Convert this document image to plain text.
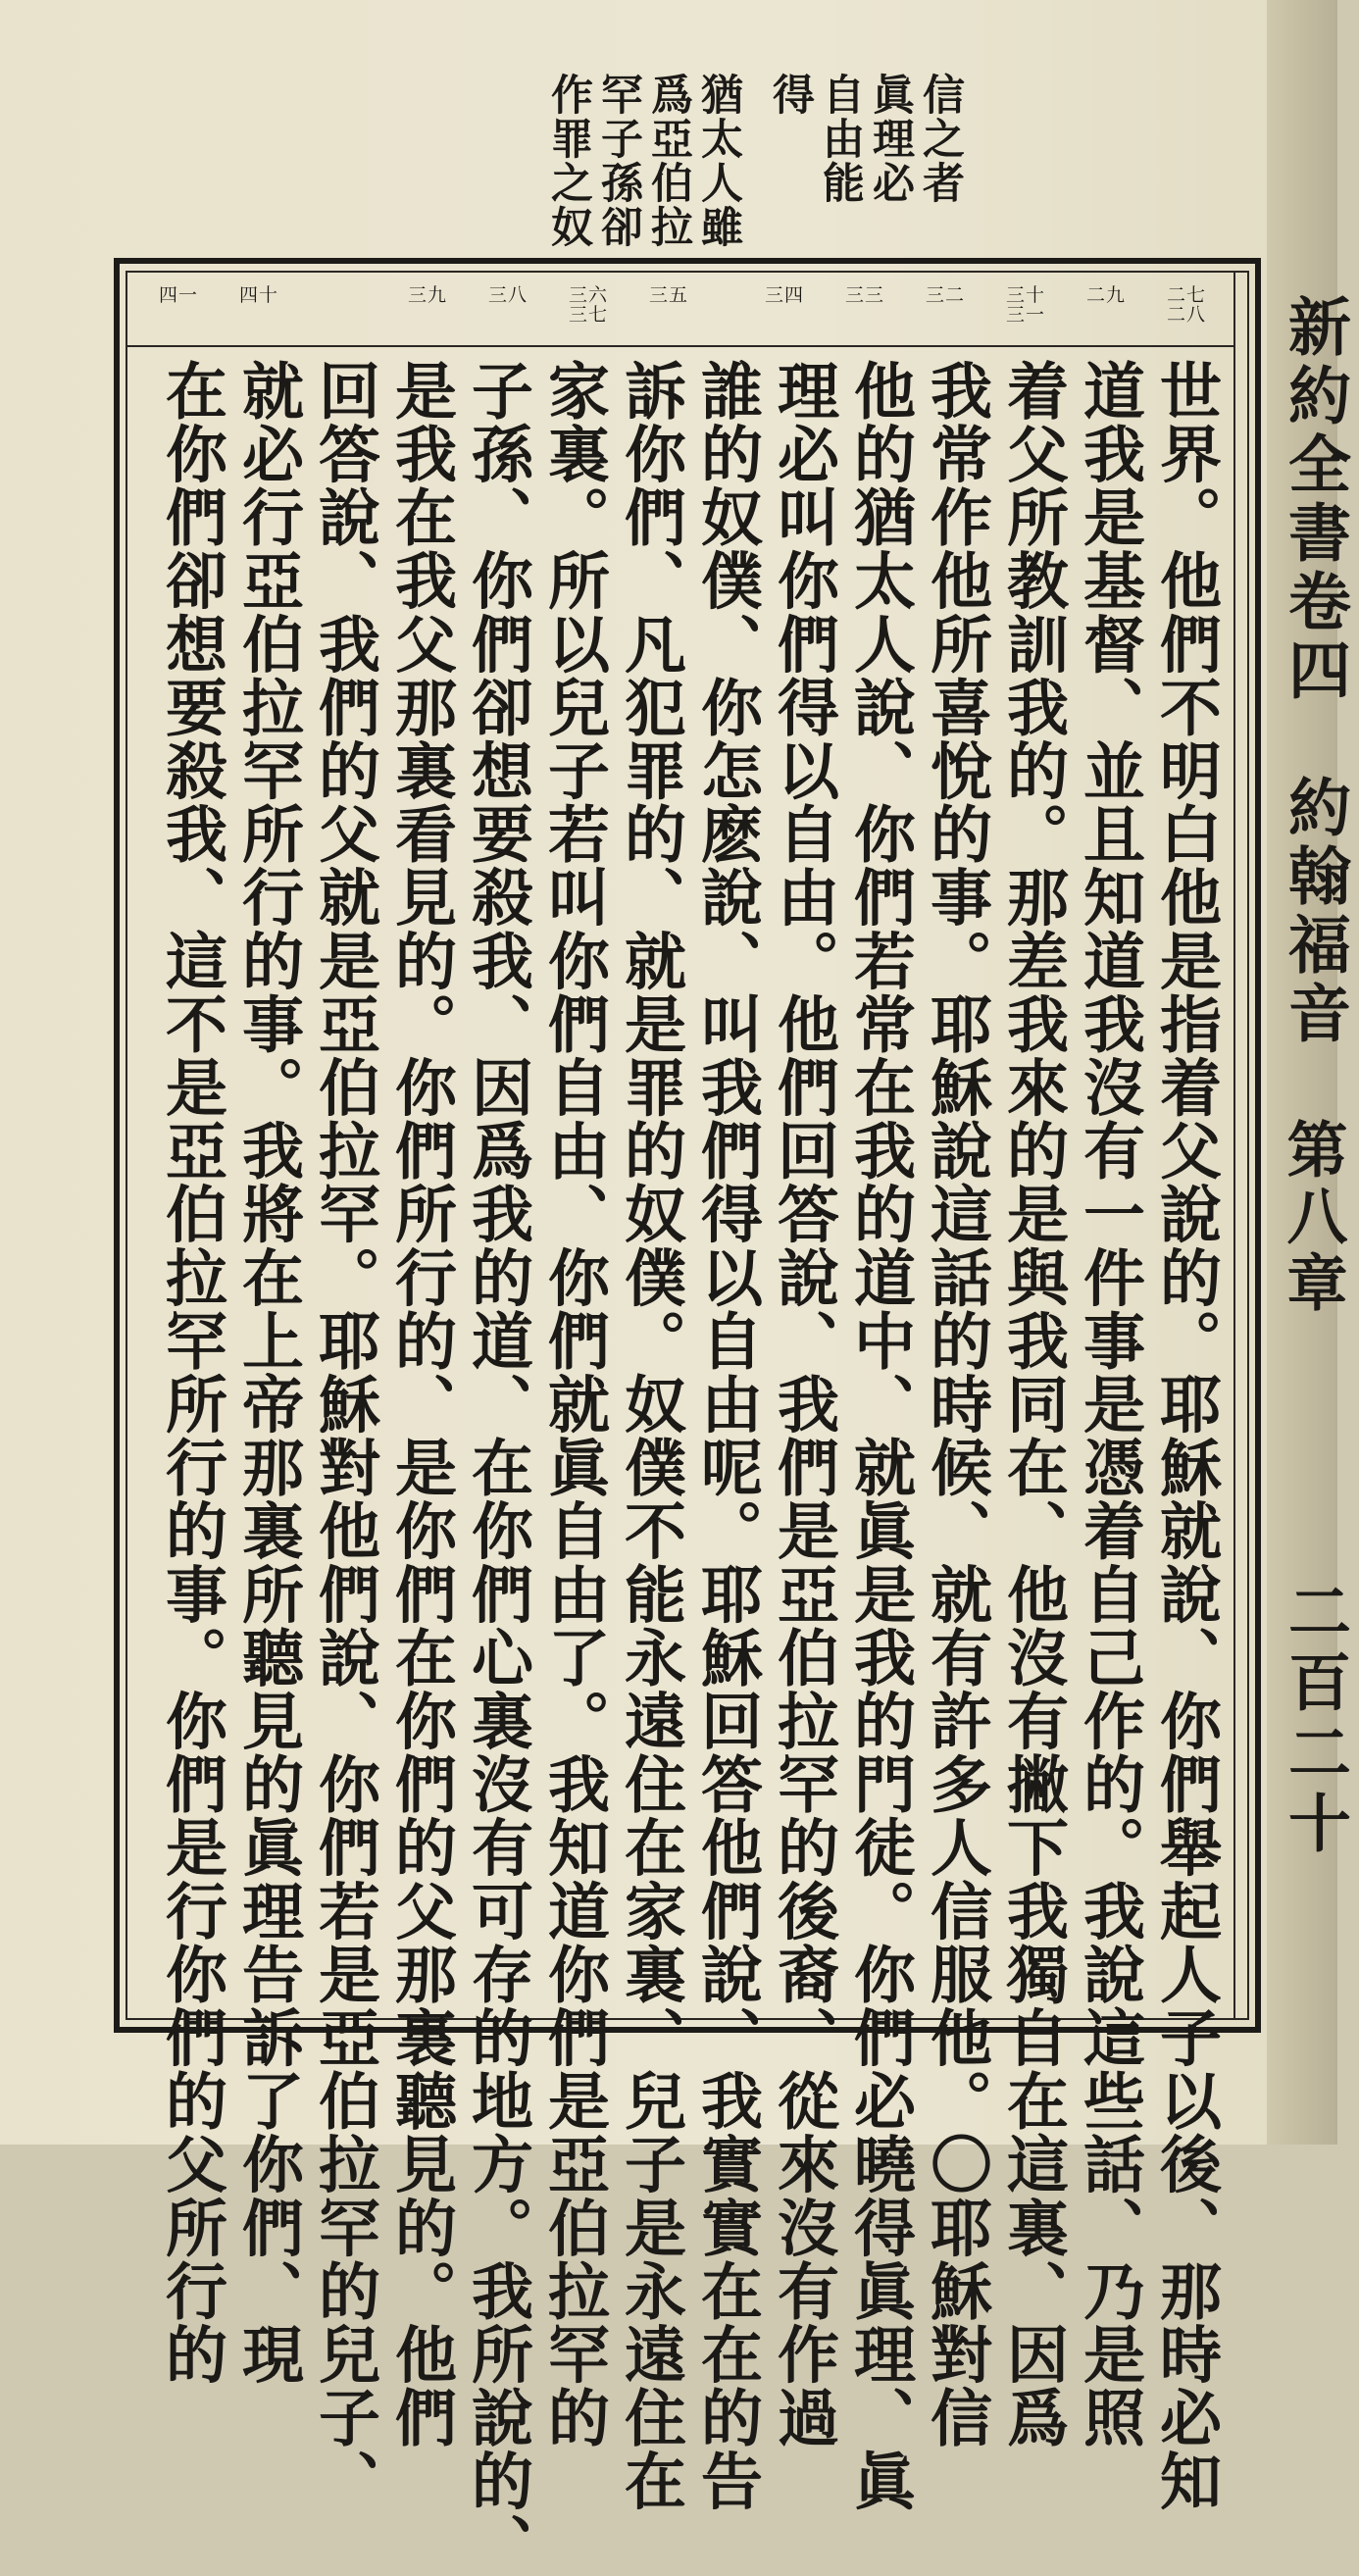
信之者
眞理必
自由能
得
猶太人雖
爲亞伯拉
罕子孫卻
作罪之奴
新約全書卷四　約翰福音
第八章
二百二十
二七 二八
二九
三十 三一
三二
三三
三四
三五
三六 三七
三八
三九
四十
四一
世界。他們不明白他是指着父說的。耶穌就說、你們舉起人子以後、那時必知
道我是基督、並且知道我沒有一件事是憑着自己作的。我說這些話、乃是照
着父所教訓我的。那差我來的是與我同在、他沒有撇下我獨自在這裏、因爲
我常作他所喜悅的事。耶穌說這話的時候、就有許多人信服他。〇耶穌對信
他的猶太人說、你們若常在我的道中、就眞是我的門徒。你們必曉得眞理、眞
理必叫你們得以自由。他們回答說、我們是亞伯拉罕的後裔、從來沒有作過
誰的奴僕、你怎麽說、叫我們得以自由呢。耶穌回答他們說、我實實在在的告
訴你們、凡犯罪的、就是罪的奴僕。奴僕不能永遠住在家裏、兒子是永遠住在
家裏。所以兒子若叫你們自由、你們就眞自由了。我知道你們是亞伯拉罕的
子孫、你們卻想要殺我、因爲我的道、在你們心裏沒有可存的地方。我所說的、
是我在我父那裏看見的。你們所行的、是你們在你們的父那裏聽見的。他們
回答說、我們的父就是亞伯拉罕。耶穌對他們說、你們若是亞伯拉罕的兒子、
就必行亞伯拉罕所行的事。我將在上帝那裏所聽見的眞理告訴了你們、現
在你們卻想要殺我、這不是亞伯拉罕所行的事。你們是行你們的父所行的
